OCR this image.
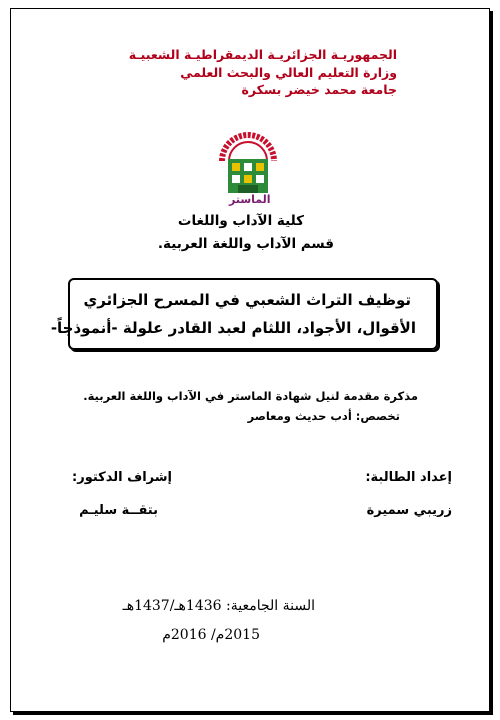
الجمهوريـة الجزائريـة الديمقراطيـة الشعبيـة
وزارة التعليم العالي والبحث العلمي
جامعة محمد خيضر بسكرة
الماستر
كلية الآداب واللغات
قسم الآداب واللغة العربية.
توظيف التراث الشعبي في المسرح الجزائري
الأقوال، الأجواد، اللثام لعبد القادر علولة -أنموذجاً-
مذكرة مقدمة لنيل شهادة الماستر في الآداب واللغة العربية.
تخصص: أدب حديث ومعاصر
إعداد الطالبة:
إشراف الدكتور:
زريبي سميرة
بتقــة سليـم
السنة الجامعية: 1436هـ/1437هـ
2015م/ 2016م
